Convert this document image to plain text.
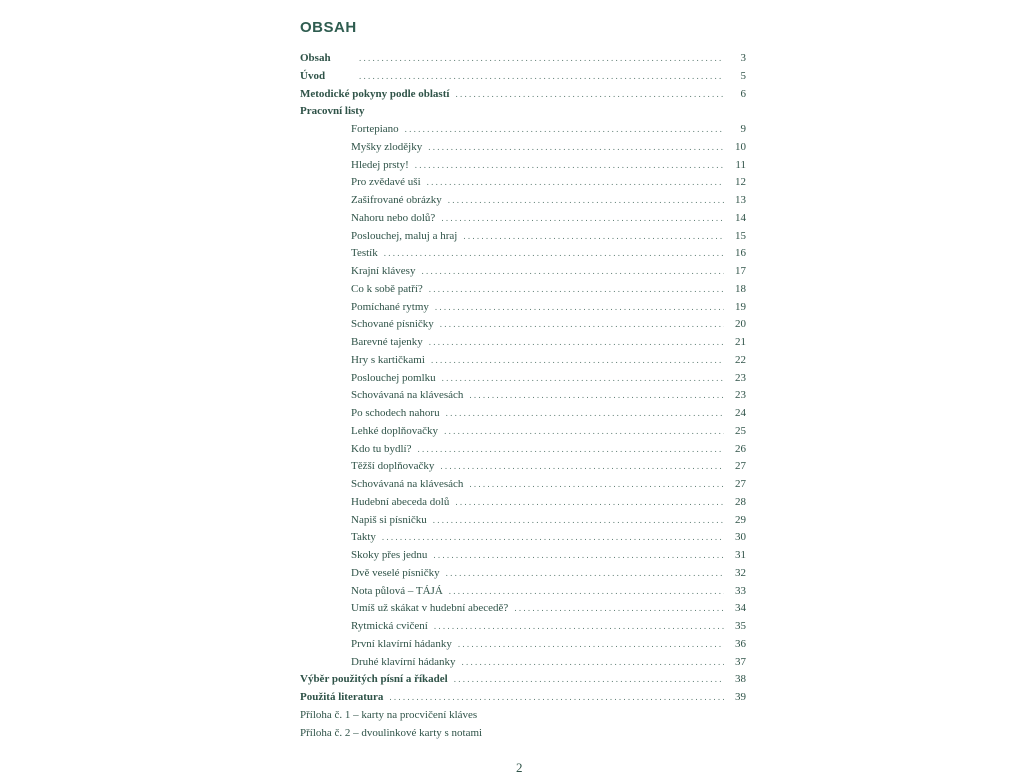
OBSAH
Obsah . . .	3
Úvod . . .	5
Metodické pokyny podle oblastí . . .	6
Pracovní listy
Fortepiano . . .	9
Myšky zlodějky . . .	10
Hledej prsty! . . .	11
Pro zvědavé uši . . .	12
Zašifrované obrázky . . .	13
Nahoru nebo dolů? . . .	14
Poslouchej, maluj a hraj . . .	15
Testík . . .	16
Krajní klávesy . . .	17
Co k sobě patří? . . .	18
Pomíchané rytmy . . .	19
Schované písničky . . .	20
Barevné tajenky . . .	21
Hry s kartičkami . . .	22
Poslouchej pomlku . . .	23
Schovávaná na klávesách . . .	23
Po schodech nahoru . . .	24
Lehké doplňovačky . . .	25
Kdo tu bydlí? . . .	26
Těžší doplňovačky . . .	27
Schovávaná na klávesách . . .	27
Hudební abeceda dolů . . .	28
Napiš si písničku . . .	29
Takty . . .	30
Skoky přes jednu . . .	31
Dvě veselé písničky . . .	32
Nota půlová – TÁJÁ . . .	33
Umíš už skákat v hudební abecedě? . . .	34
Rytmická cvičení . . .	35
První klavírní hádanky . . .	36
Druhé klavírní hádanky . . .	37
Výběr použitých písní a říkadel . . .	38
Použitá literatura . . .	39
Příloha č. 1 – karty na procvičení kláves
Příloha č. 2 – dvoulinkové karty s notami
2
